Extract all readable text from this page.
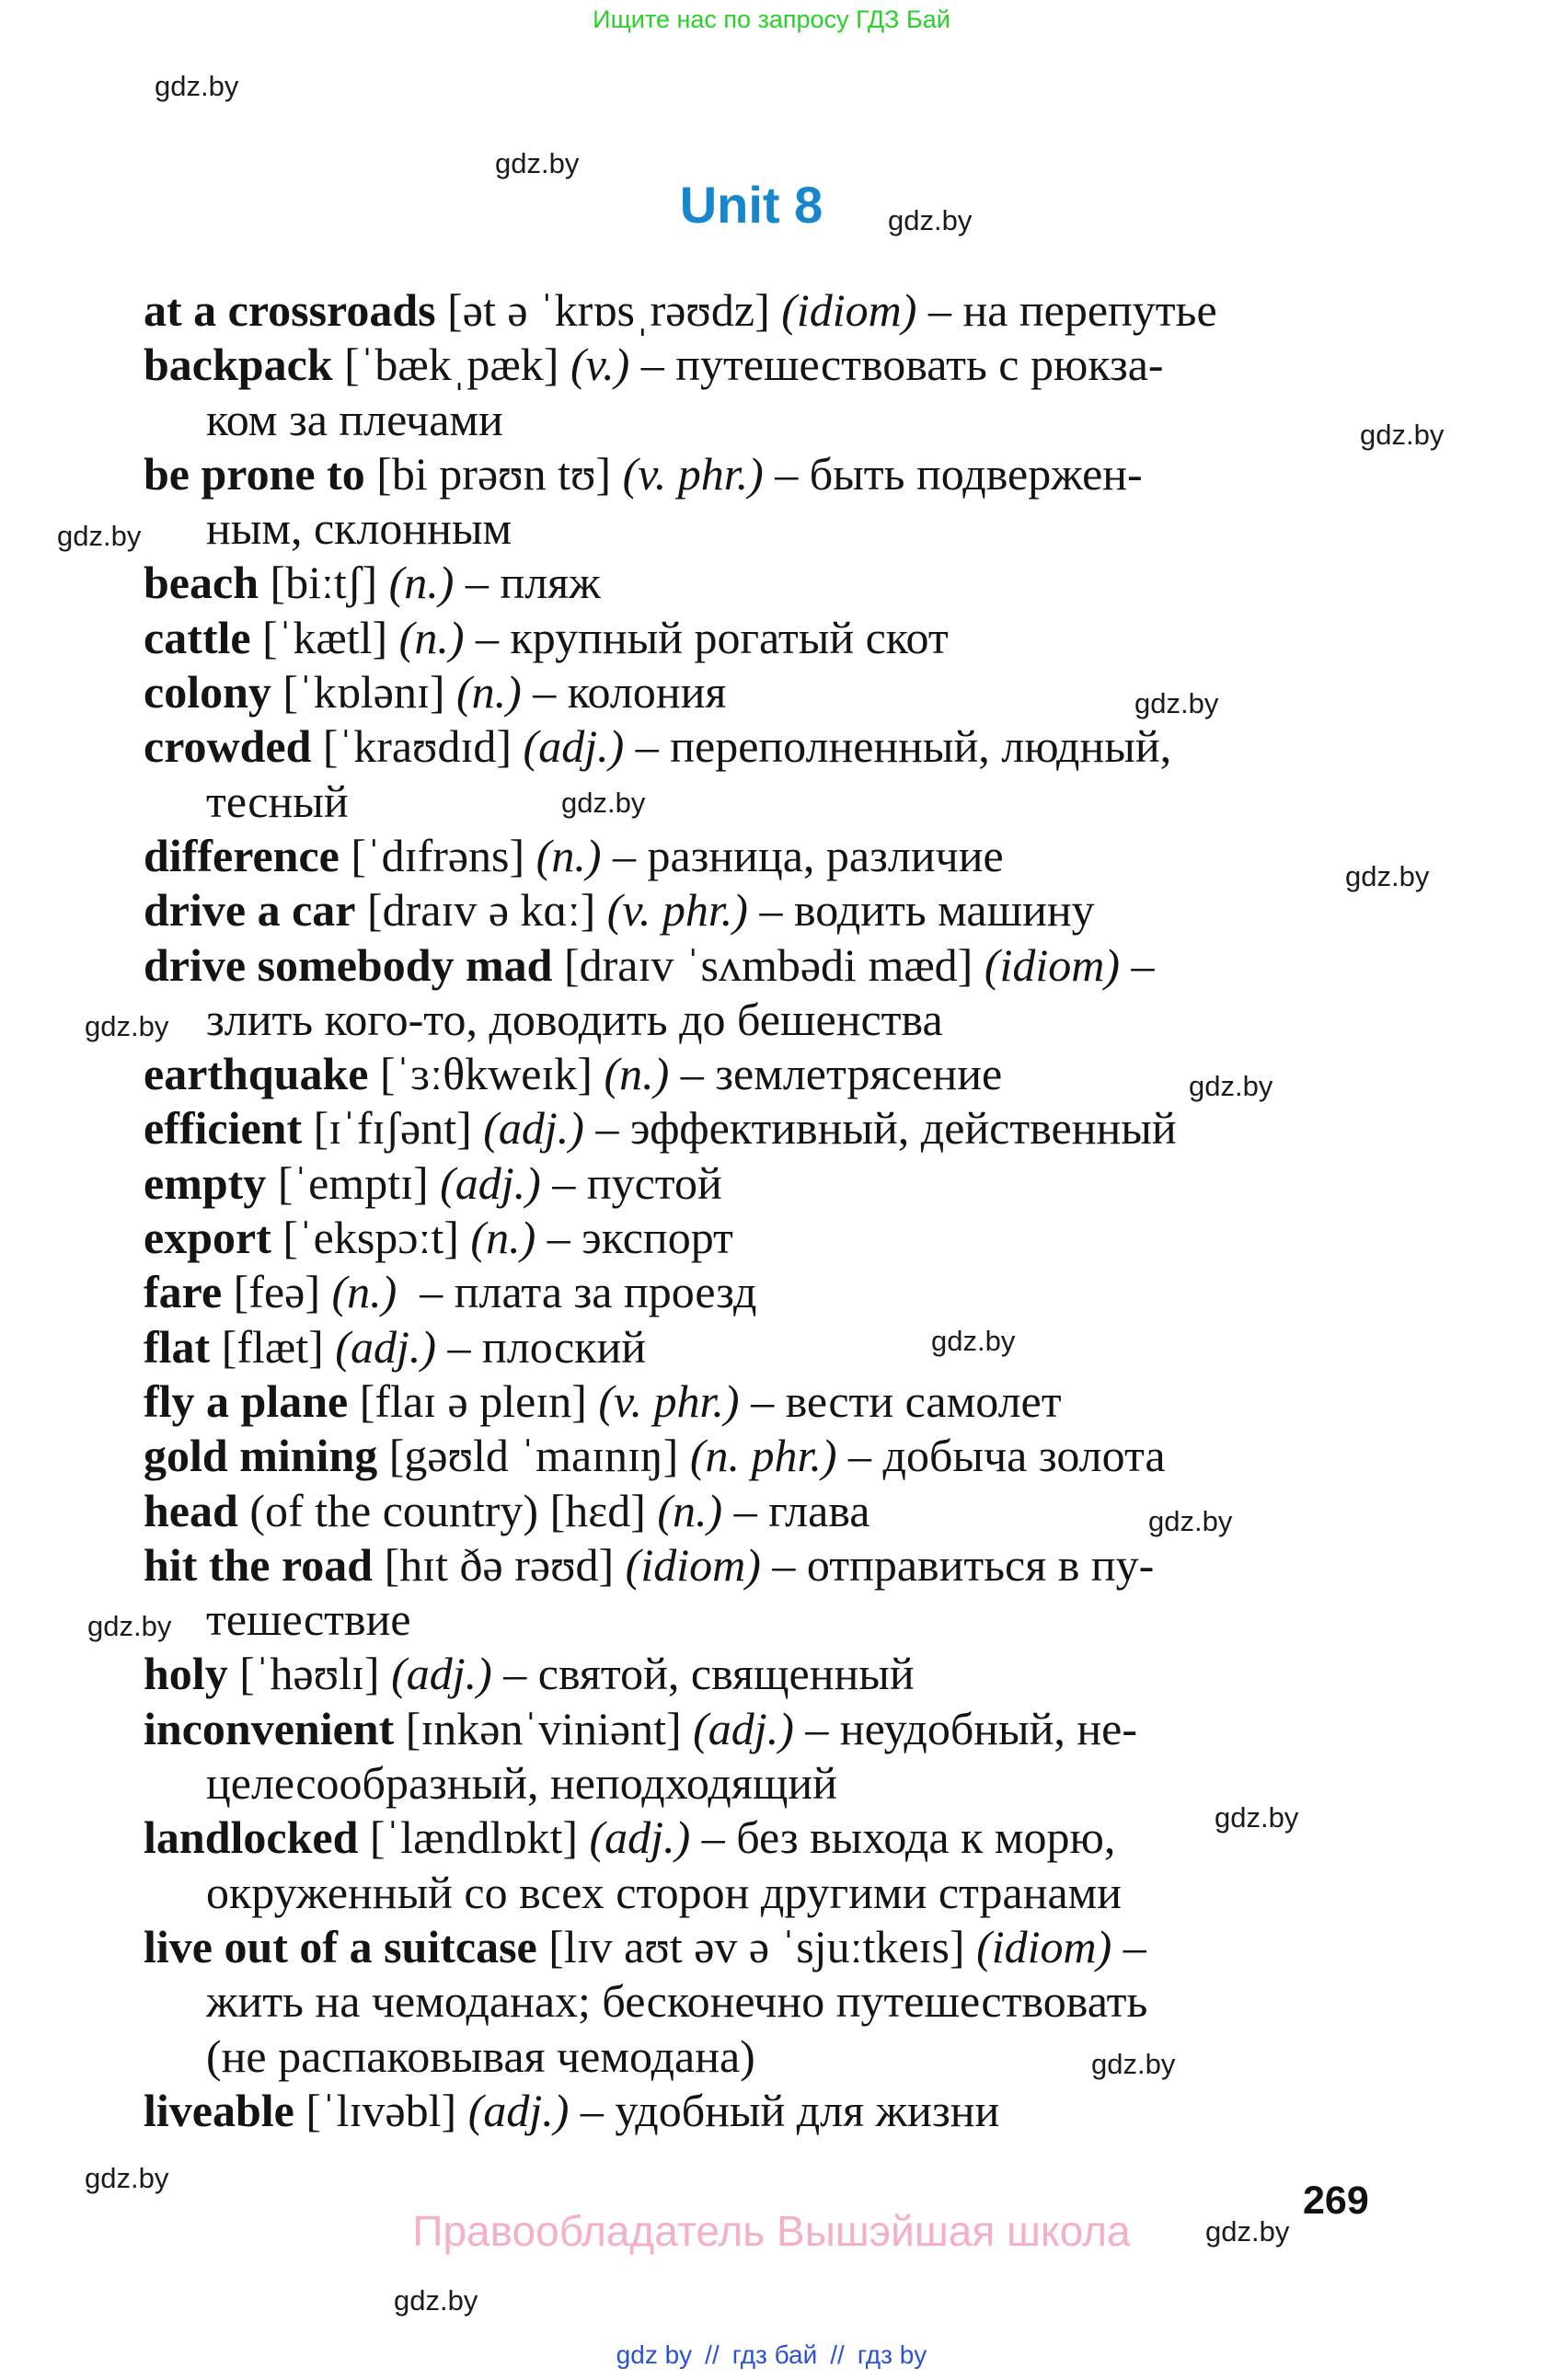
Ищите нас по запросу ГДЗ Бай
gdz.by
gdz.by
gdz.by
gdz.by
gdz.by
gdz.by
gdz.by
gdz.by
gdz.by
gdz.by
gdz.by
gdz.by
gdz.by
gdz.by
gdz.by
gdz.by
gdz.by
gdz.by
Unit 8
at a crossroads [ət ə ˈkrɒsˌrəʊdz] (idiom) – на перепутье
backpack [ˈbækˌpæk] (v.) – путешествовать с рюкза-
ком за плечами
be prone to [bi prəʊn tʊ] (v. phr.) – быть подвержен-
ным, склонным
beach [biːtʃ] (n.) – пляж
cattle [ˈkætl] (n.) – крупный рогатый скот
colony [ˈkɒlənɪ] (n.) – колония
crowded [ˈkraʊdɪd] (adj.) – переполненный, людный,
тесный
difference [ˈdɪfrəns] (n.) – разница, различие
drive a car [draɪv ə kɑː] (v. phr.) – водить машину
drive somebody mad [draɪv ˈsʌmbədi mæd] (idiom) –
злить кого-то, доводить до бешенства
earthquake [ˈɜːθkweɪk] (n.) – землетрясение
efficient [ɪˈfɪʃənt] (adj.) – эффективный, действенный
empty [ˈemptɪ] (adj.) – пустой
export [ˈekspɔːt] (n.) – экспорт
fare [feə] (n.)  – плата за проезд
flat [flæt] (adj.) – плоский
fly a plane [flaɪ ə pleɪn] (v. phr.) – вести самолет
gold mining [gəʊld ˈmaɪnɪŋ] (n. phr.) – добыча золота
head (of the country) [hɛd] (n.) – глава
hit the road [hɪt ðə rəʊd] (idiom) – отправиться в пу-
тешествие
holy [ˈhəʊlɪ] (adj.) – святой, священный
inconvenient [ɪnkənˈviniənt] (adj.) – неудобный, не-
целесообразный, неподходящий
landlocked [ˈlændlɒkt] (adj.) – без выхода к морю,
окруженный со всех сторон другими странами
live out of a suitcase [lɪv aʊt əv ə ˈsjuːtkeɪs] (idiom) –
жить на чемоданах; бесконечно путешествовать
(не распаковывая чемодана)
liveable [ˈlɪvəbl] (adj.) – удобный для жизни
Правообладатель Вышэйшая школа
269
gdz by // гдз бай // гдз by
